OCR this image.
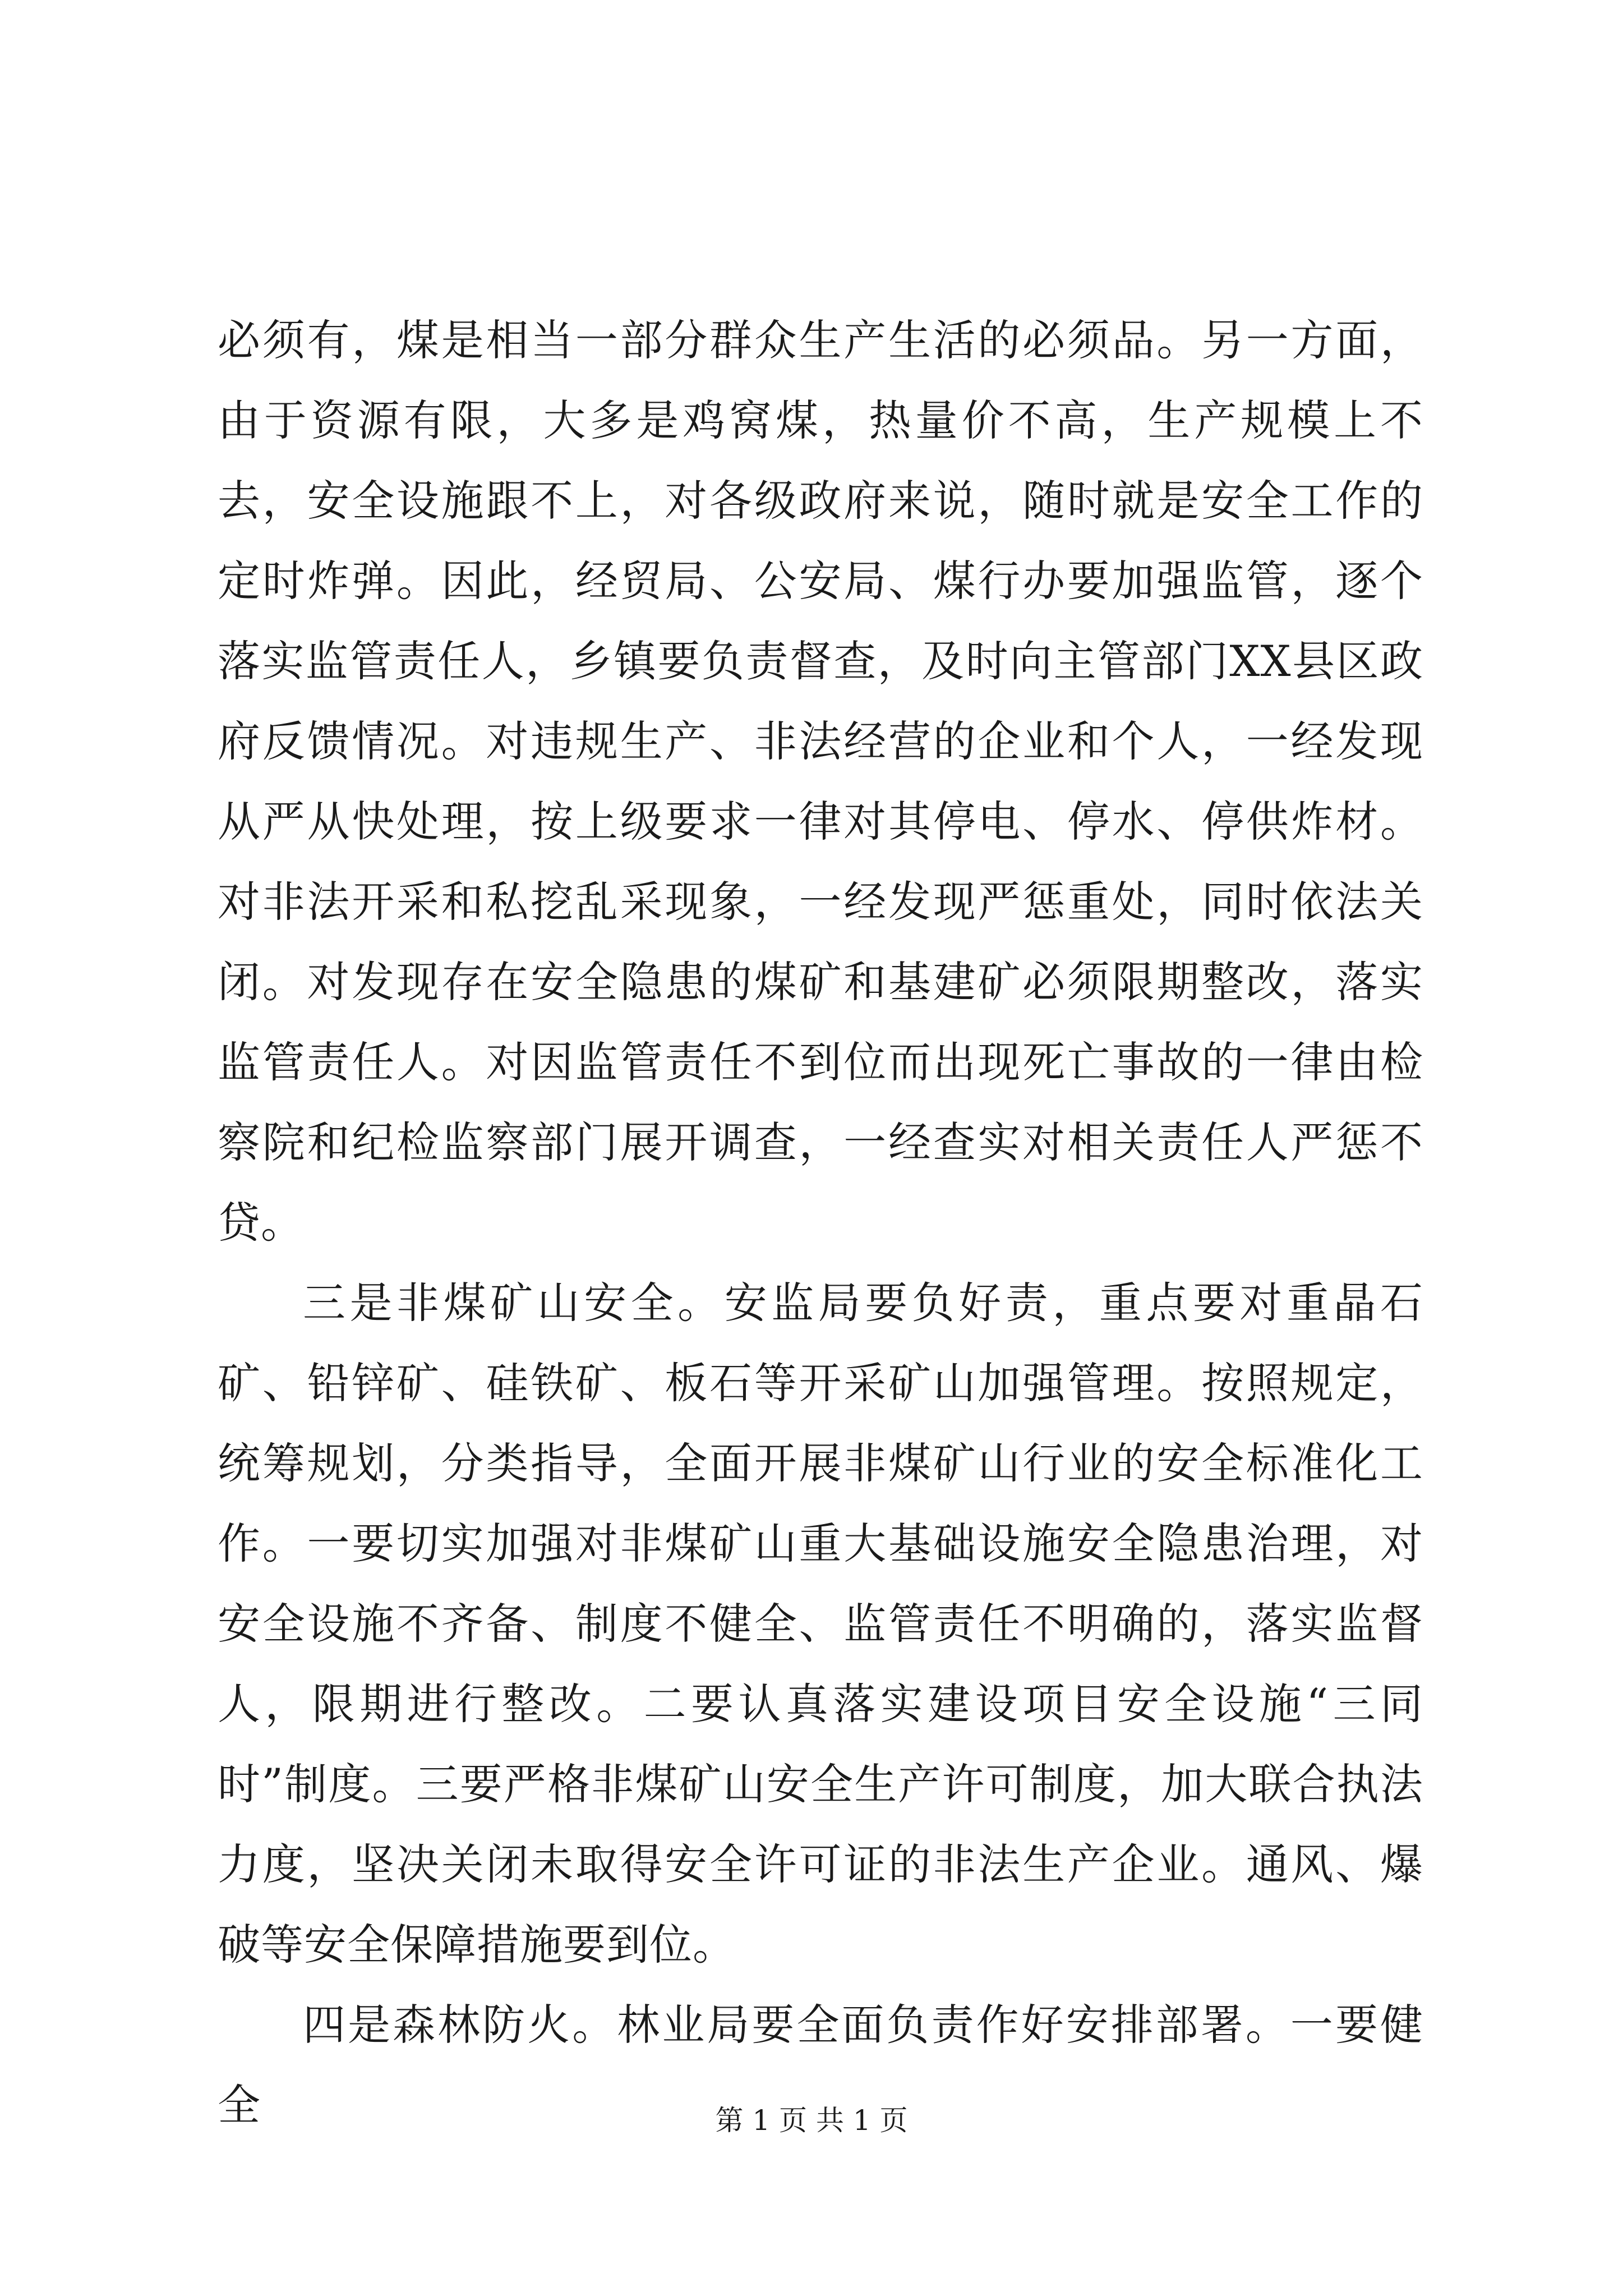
必须有，煤是相当一部分群众生产生活的必须品。另一方面，由于资源有限，大多是鸡窝煤，热量价不高，生产规模上不去，安全设施跟不上，对各级政府来说，随时就是安全工作的定时炸弹。因此，经贸局、公安局、煤行办要加强监管，逐个落实监管责任人，乡镇要负责督查，及时向主管部门XX县区政府反馈情况。对违规生产、非法经营的企业和个人，一经发现从严从快处理，按上级要求一律对其停电、停水、停供炸材。对非法开采和私挖乱采现象，一经发现严惩重处，同时依法关闭。对发现存在安全隐患的煤矿和基建矿必须限期整改，落实监管责任人。对因监管责任不到位而出现死亡事故的一律由检察院和纪检监察部门展开调查，一经查实对相关责任人严惩不贷。

三是非煤矿山安全。安监局要负好责，重点要对重晶石矿、铅锌矿、硅铁矿、板石等开采矿山加强管理。按照规定，统筹规划，分类指导，全面开展非煤矿山行业的安全标准化工作。一要切实加强对非煤矿山重大基础设施安全隐患治理，对安全设施不齐备、制度不健全、监管责任不明确的，落实监督人，限期进行整改。二要认真落实建设项目安全设施“三同时”制度。三要严格非煤矿山安全生产许可制度，加大联合执法力度，坚决关闭未取得安全许可证的非法生产企业。通风、爆破等安全保障措施要到位。

四是森林防火。林业局要全面负责作好安排部署。一要健全	第 1 页 共 1 页
